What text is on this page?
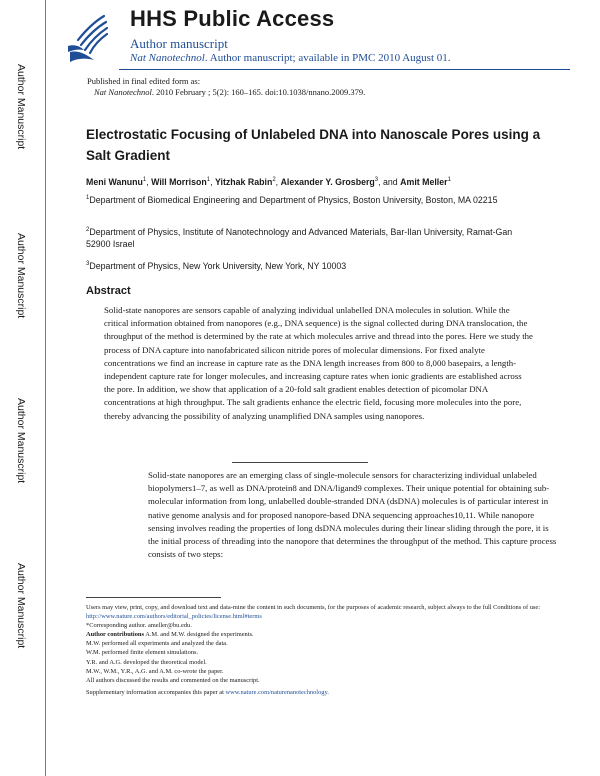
Author Manuscript
Author Manuscript
Author Manuscript
Author Manuscript
HHS Public Access
Author manuscript
Nat Nanotechnol. Author manuscript; available in PMC 2010 August 01.
Published in final edited form as:
Nat Nanotechnol. 2010 February ; 5(2): 160–165. doi:10.1038/nnano.2009.379.
Electrostatic Focusing of Unlabeled DNA into Nanoscale Pores using a Salt Gradient
Meni Wanunu$^1$, Will Morrison$^1$, Yitzhak Rabin$^2$, Alexander Y. Grosberg$^3$, and Amit Meller$^1$
$^1$Department of Biomedical Engineering and Department of Physics, Boston University, Boston, MA 02215
$^2$Department of Physics, Institute of Nanotechnology and Advanced Materials, Bar-Ilan University, Ramat-Gan 52900 Israel
$^3$Department of Physics, New York University, New York, NY 10003
Abstract
Solid-state nanopores are sensors capable of analyzing individual unlabelled DNA molecules in solution. While the critical information obtained from nanopores (e.g., DNA sequence) is the signal collected during DNA translocation, the throughput of the method is determined by the rate at which molecules arrive and thread into the pores. Here we study the process of DNA capture into nanofabricated silicon nitride pores of molecular dimensions. For fixed analyte concentrations we find an increase in capture rate as the DNA length increases from 800 to 8,000 basepairs, a length-independent capture rate for longer molecules, and increasing capture rates when ionic gradients are established across the pore. In addition, we show that application of a 20-fold salt gradient enables detection of picomolar DNA concentrations at high throughput. The salt gradients enhance the electric field, focusing more molecules into the pore, thereby advancing the possibility of analyzing unamplified DNA samples using nanopores.
Solid-state nanopores are an emerging class of single-molecule sensors for characterizing individual unlabeled biopolymers1–7, as well as DNA/protein8 and DNA/ligand9 complexes. Their unique potential for obtaining sub-molecular information from long, unlabelled double-stranded DNA (dsDNA) molecules is of particular interest in native genome analysis and for proposed nanopore-based DNA sequencing approaches10,11. While nanopore sensing involves reading the properties of long dsDNA molecules during their linear sliding through the pore, it is the initial process of threading into the nanopore that determines the throughput of the method. This capture process consists of two steps:

Users may view, print, copy, and download text and data-mine the content in such documents, for the purposes of academic research, subject always to the full Conditions of use: http://www.nature.com/authors/editorial_policies/license.html#terms

*Corresponding author. ameller@bu.edu.

Author contributions A.M. and M.W. designed the experiments.

M.W. performed all experiments and analyzed the data.

W.M. performed finite element simulations.

Y.R. and A.G. developed the theoretical model.

M.W., W.M., Y.R., A.G. and A.M. co-wrote the paper.

All authors discussed the results and commented on the manuscript.

Supplementary information accompanies this paper at www.nature.com/naturenanotechnology.
